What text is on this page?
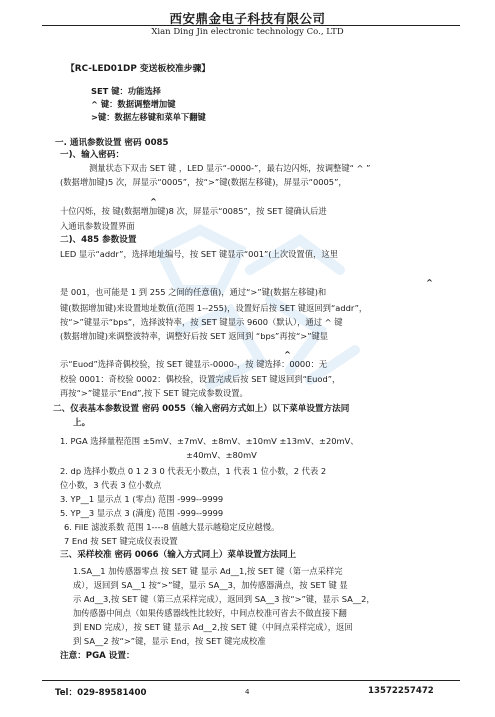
西安鼎金电子科技有限公司
Xian Ding Jin electronic technology Co., LTD
【RC-LED01DP 变送板校准步骤】
SET 键：功能选择
^ 键：数据调整增加键
>键：数据左移键和菜单下翻键
一. 通讯参数设置 密码 0085
一)、输入密码：
测量状态下双击 SET 键 ，LED 显示“-0000-”，最右边闪烁，按调整键“ ^ ”
(数据增加键)5 次，屏显示“0005”，按“>”键(数据左移键)，屏显示“0005”，
^
十位闪烁，按 键(数据增加键)8 次，屏显示“0085”，按 SET 键确认后进
入通讯参数设置界面
二)、485 参数设置
LED 显示“addr”，选择地址编号，按 SET 键显示“001”(上次设置值，这里
^
是 001，也可能是 1 到 255 之间的任意值)，通过“>”键(数据左移键)和
键(数据增加键)来设置地址数值(范围 1--255)，设置好后按 SET 键返回到“addr”，
按“>”键显示“bps”，选择波特率，按 SET 键显示 9600（默认），通过 ^ 键
(数据增加键)来调整波特率，调整好后按 SET 返回到 “bps”再按“>”键显
^
示“Euod”选择奇偶校验，按 SET 键显示-0000-，按 键选择：0000：无
校验 0001：奇校验 0002：偶校验，设置完成后按 SET 键返回到“Euod”，
再按“>”键显示“End”,按下 SET 键完成参数设置。
二、仪表基本参数设置 密码 0055（输入密码方式如上）以下菜单设置方法同
上。
1. PGA 选择量程范围 ±5mV、±7mV、±8mV、±10mV ±13mV、±20mV、
±40mV、±80mV
2. dp 选择小数点 0 1 2 3 0 代表无小数点，1 代表 1 位小数，2 代表 2
位小数，3 代表 3 位小数点
3. YP__1 显示点 1 (零点) 范围 -999--9999
5. YP__3 显示点 3 (满度) 范围 -999--9999
6. FilE 滤波系数 范围 1----8 值越大显示越稳定反应越慢。
7 End 按 SET 键完成仪表设置
三、采样校准 密码 0066（输入方式同上）菜单设置方法同上
1.SA__1 加传感器零点 按 SET 键 显示 Ad__1,按 SET 键（第一点采样完
成），返回到 SA__1 按“>”键，显示 SA__3，加传感器满点，按 SET 键 显
示 Ad__3,按 SET 键（第三点采样完成），返回到 SA__3 按“>”键，显示 SA__2，
加传感器中间点（如果传感器线性比较好，中间点校准可省去不做直接下翻
到 END 完成），按 SET 键 显示 Ad__2,按 SET 键（中间点采样完成），返回
到 SA__2 按“>”键，显示 End，按 SET 键完成校准
注意：PGA 设置：
Tel：029-89581400	4	13572257472
